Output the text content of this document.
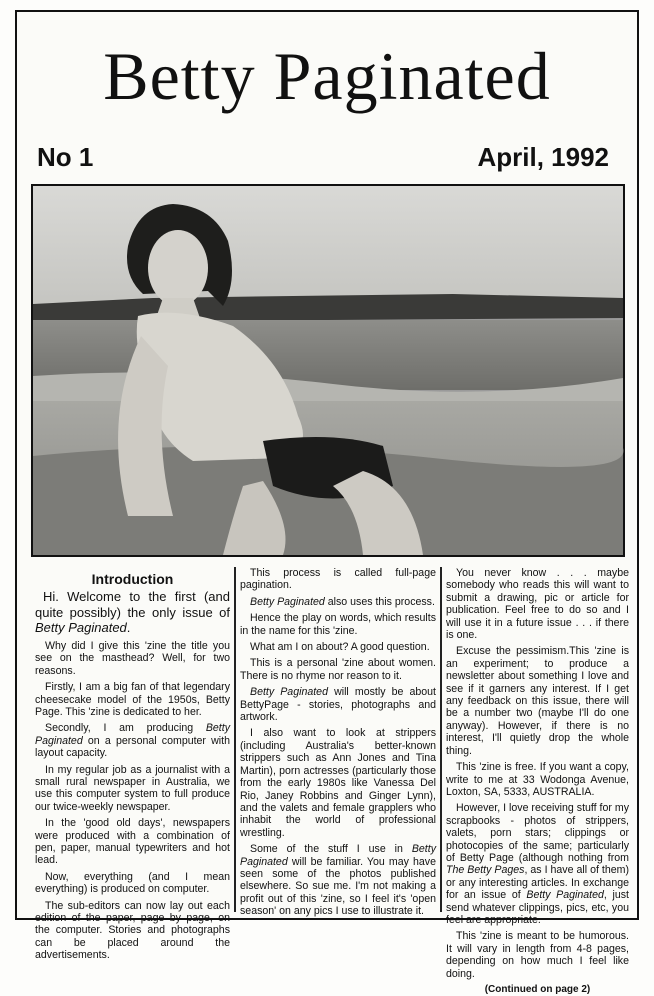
Betty Paginated
No 1	April, 1992
Introduction

Hi. Welcome to the first (and quite possibly) the only issue of Betty Paginated.

Why did I give this 'zine the title you see on the masthead? Well, for two reasons.

Firstly, I am a big fan of that legendary cheesecake model of the 1950s, Betty Page. This 'zine is dedicated to her.

Secondly, I am producing Betty Paginated on a personal computer with layout capacity.

In my regular job as a journalist with a small rural newspaper in Australia, we use this computer system to full produce our twice-weekly newspaper.

In the 'good old days', newspapers were produced with a combination of pen, paper, manual typewriters and hot lead.

Now, everything (and I mean everything) is produced on computer.

The sub-editors can now lay out each edition of the paper, page by page, on the computer. Stories and photographs can be placed around the advertisements.

This process is called full-page pagination.

Betty Paginated also uses this process.

Hence the play on words, which results in the name for this 'zine.

What am I on about? A good question.

This is a personal 'zine about women. There is no rhyme nor reason to it.

Betty Paginated will mostly be about BettyPage - stories, photographs and artwork.

I also want to look at strippers (including Australia's better-known strippers such as Ann Jones and Tina Martin), porn actresses (particularly those from the early 1980s like Vanessa Del Rio, Janey Robbins and Ginger Lynn), and the valets and female grapplers who inhabit the world of professional wrestling.

Some of the stuff I use in Betty Paginated will be familiar. You may have seen some of the photos published elsewhere. So sue me. I'm not making a profit out of this 'zine, so I feel it's 'open season' on any pics I use to illustrate it.

You never know . . . maybe somebody who reads this will want to submit a drawing, pic or article for publication. Feel free to do so and I will use it in a future issue . . . if there is one.

Excuse the pessimism.This 'zine is an experiment; to produce a newsletter about something I love and see if it garners any interest. If I get any feedback on this issue, there will be a number two (maybe I'll do one anyway). However, if there is no interest, I'll quietly drop the whole thing.

This 'zine is free. If you want a copy, write to me at 33 Wodonga Avenue, Loxton, SA, 5333, AUSTRALIA.

However, I love receiving stuff for my scrapbooks - photos of strippers, valets, porn stars; clippings or photocopies of the same; particularly of Betty Page (although nothing from The Betty Pages, as I have all of them) or any interesting articles. In exchange for an issue of Betty Paginated, just send whatever clippings, pics, etc, you feel are appropriate.

This 'zine is meant to be humorous. It will vary in length from 4-8 pages, depending on how much I feel like doing.

(Continued on page 2)
